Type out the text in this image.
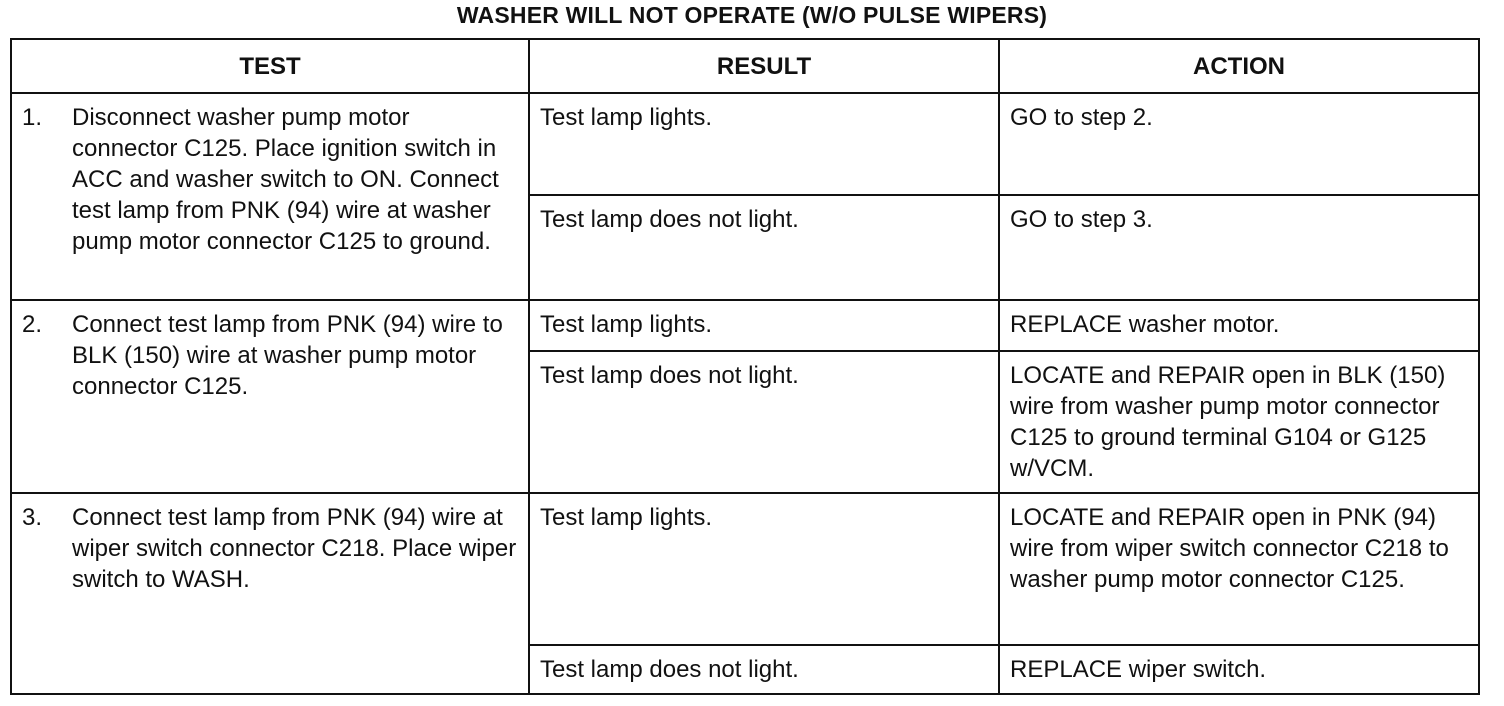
WASHER WILL NOT OPERATE (W/O PULSE WIPERS)
TEST	RESULT	ACTION

1. Disconnect washer pump motor connector C125. Place ignition switch in ACC and washer switch to ON. Connect test lamp from PNK (94) wire at washer pump motor connector C125 to ground.	Test lamp lights.	GO to step 2.
	Test lamp does not light.	GO to step 3.

2. Connect test lamp from PNK (94) wire to BLK (150) wire at washer pump motor connector C125.	Test lamp lights.	REPLACE washer motor.
	Test lamp does not light.	LOCATE and REPAIR open in BLK (150) wire from washer pump motor connector C125 to ground terminal G104 or G125 w/VCM.

3. Connect test lamp from PNK (94) wire at wiper switch connector C218. Place wiper switch to WASH.	Test lamp lights.	LOCATE and REPAIR open in PNK (94) wire from wiper switch connector C218 to washer pump motor connector C125.
	Test lamp does not light.	REPLACE wiper switch.
